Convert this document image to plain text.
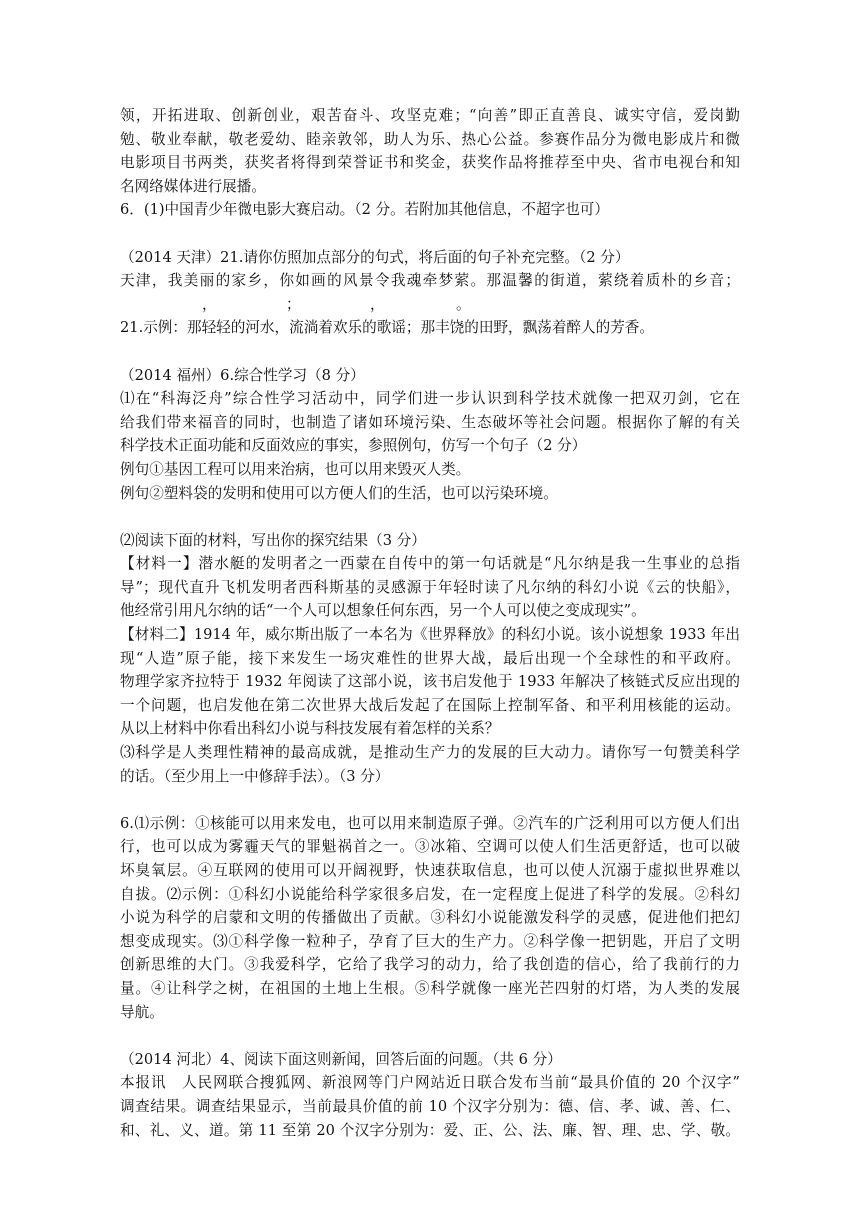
领，开拓进取、创新创业，艰苦奋斗、攻坚克难；“向善”即正直善良、诚实守信，爱岗勤
勉、敬业奉献，敬老爱幼、睦亲敦邻，助人为乐、热心公益。参赛作品分为微电影成片和微
电影项目书两类，获奖者将得到荣誉证书和奖金，获奖作品将推荐至中央、省市电视台和知
名网络媒体进行展播。
6．(1)中国青少年微电影大赛启动。（2 分。若附加其他信息，不超字也可）
（2014 天津）21.请你仿照加点部分的句式，将后面的句子补充完整。（2 分）
天津，我美丽的家乡，你如画的风景令我魂牵梦萦。那温馨的街道，萦绕着质朴的乡音；
，	；	，	。
21.示例：那轻轻的河水，流淌着欢乐的歌谣；那丰饶的田野，飘荡着醉人的芳香。
（2014 福州）6.综合性学习（8 分）
⑴在“科海泛舟”综合性学习活动中，同学们进一步认识到科学技术就像一把双刃剑，它在
给我们带来福音的同时，也制造了诸如环境污染、生态破坏等社会问题。根据你了解的有关
科学技术正面功能和反面效应的事实，参照例句，仿写一个句子（2 分）
例句①基因工程可以用来治病，也可以用来毁灭人类。
例句②塑料袋的发明和使用可以方便人们的生活，也可以污染环境。
⑵阅读下面的材料，写出你的探究结果（3 分）
【材料一】潜水艇的发明者之一西蒙在自传中的第一句话就是“凡尔纳是我一生事业的总指
导”；现代直升飞机发明者西科斯基的灵感源于年轻时读了凡尔纳的科幻小说《云的快船》，
他经常引用凡尔纳的话“一个人可以想象任何东西，另一个人可以使之变成现实”。
【材料二】1914 年，威尔斯出版了一本名为《世界释放》的科幻小说。该小说想象 1933 年出
现“人造”原子能，接下来发生一场灾难性的世界大战，最后出现一个全球性的和平政府。
物理学家齐拉特于 1932 年阅读了这部小说，该书启发他于 1933 年解决了核链式反应出现的
一个问题，也启发他在第二次世界大战后发起了在国际上控制军备、和平利用核能的运动。
从以上材料中你看出科幻小说与科技发展有着怎样的关系？
⑶科学是人类理性精神的最高成就，是推动生产力的发展的巨大动力。请你写一句赞美科学
的话。（至少用上一中修辞手法）。（3 分）
6.⑴示例：①核能可以用来发电，也可以用来制造原子弹。②汽车的广泛利用可以方便人们出
行，也可以成为雾霾天气的罪魁祸首之一。③冰箱、空调可以使人们生活更舒适，也可以破
坏臭氧层。④互联网的使用可以开阔视野，快速获取信息，也可以使人沉溺于虚拟世界难以
自拔。⑵示例：①科幻小说能给科学家很多启发，在一定程度上促进了科学的发展。②科幻
小说为科学的启蒙和文明的传播做出了贡献。③科幻小说能激发科学的灵感，促进他们把幻
想变成现实。⑶①科学像一粒种子，孕育了巨大的生产力。②科学像一把钥匙，开启了文明
创新思维的大门。③我爱科学，它给了我学习的动力，给了我创造的信心，给了我前行的力
量。④让科学之树，在祖国的土地上生根。⑤科学就像一座光芒四射的灯塔，为人类的发展
导航。
（2014 河北）4、阅读下面这则新闻，回答后面的问题。（共 6 分）
本报讯　人民网联合搜狐网、新浪网等门户网站近日联合发布当前“最具价值的 20 个汉字”
调查结果。调查结果显示，当前最具价值的前 10 个汉字分别为：德、信、孝、诚、善、仁、
和、礼、义、道。第 11 至第 20 个汉字分别为：爱、正、公、法、廉、智、理、忠、学、敬。
